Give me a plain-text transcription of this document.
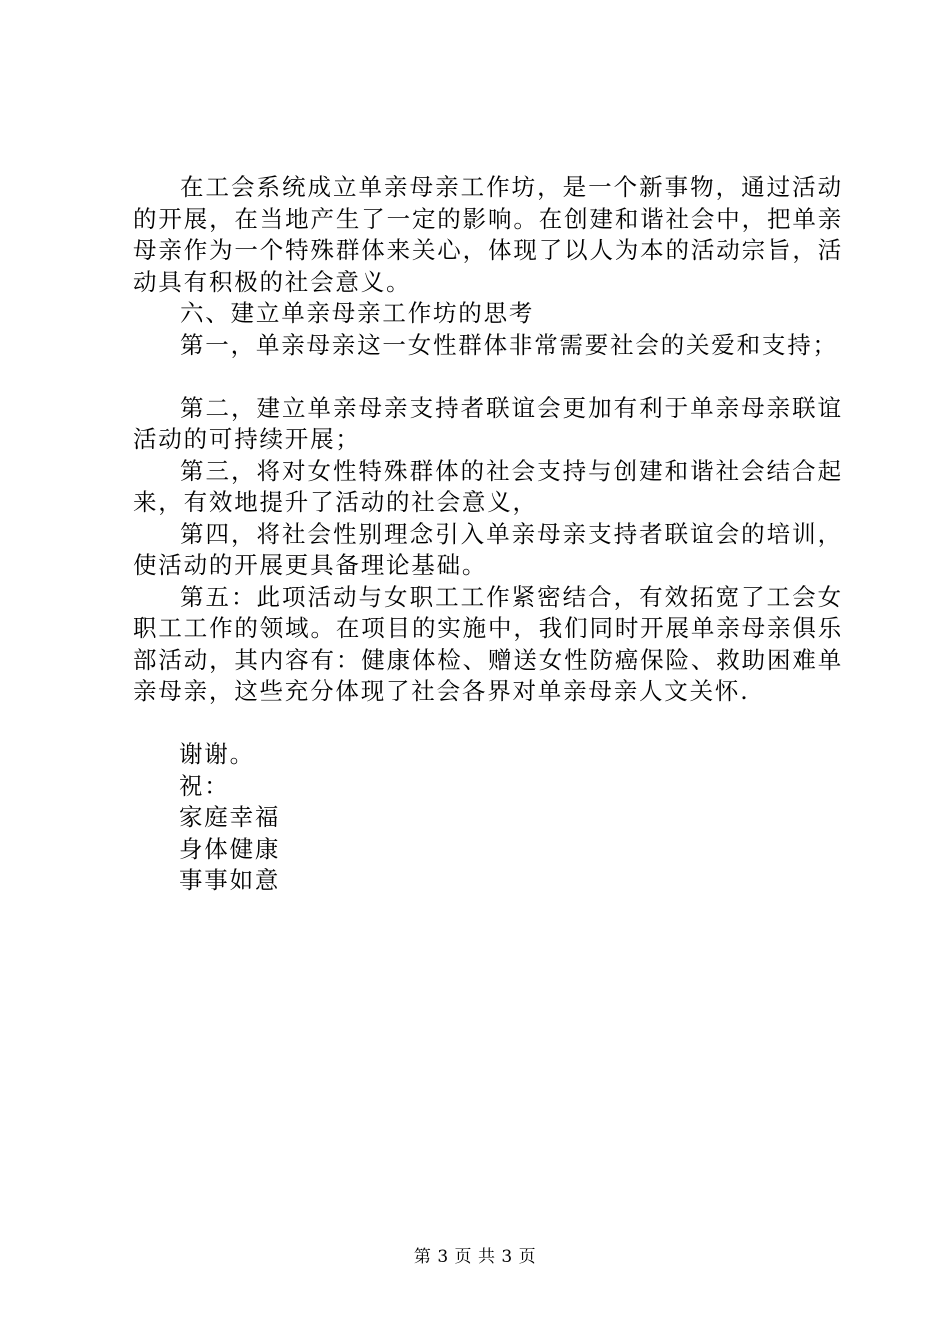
在工会系统成立单亲母亲工作坊，是一个新事物，通过活动的开展，在当地产生了一定的影响。在创建和谐社会中，把单亲母亲作为一个特殊群体来关心，体现了以人为本的活动宗旨，活动具有积极的社会意义。

六、建立单亲母亲工作坊的思考

第一，单亲母亲这一女性群体非常需要社会的关爱和支持；

第二，建立单亲母亲支持者联谊会更加有利于单亲母亲联谊活动的可持续开展；

第三，将对女性特殊群体的社会支持与创建和谐社会结合起来，有效地提升了活动的社会意义，

第四，将社会性别理念引入单亲母亲支持者联谊会的培训，使活动的开展更具备理论基础。

第五：此项活动与女职工工作紧密结合，有效拓宽了工会女职工工作的领域。在项目的实施中，我们同时开展单亲母亲俱乐部活动，其内容有：健康体检、赠送女性防癌保险、救助困难单亲母亲，这些充分体现了社会各界对单亲母亲人文关怀.

谢谢。

祝：

家庭幸福

身体健康

事事如意

第 3 页 共 3 页
